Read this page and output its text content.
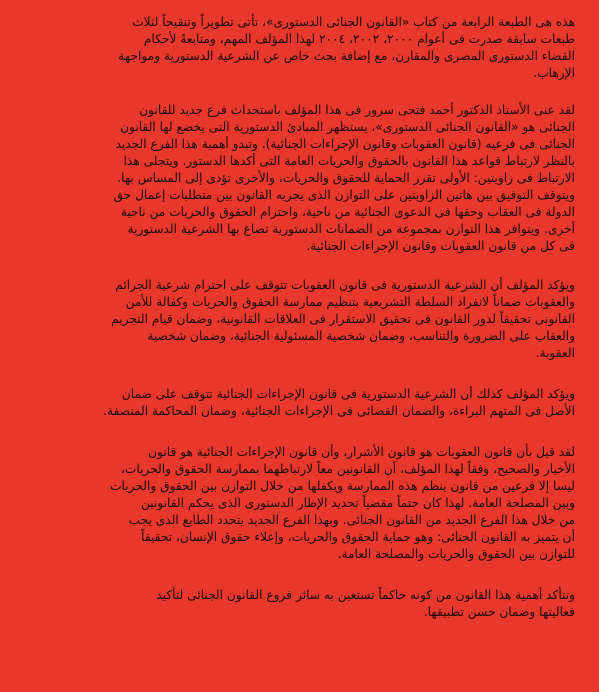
هذه هى الطبعة الرابعة من كتاب «القانون الجنائى الدستورى»، تأتى تطويراً وتنقيحاً لثلاث
طبعات سابقة صدرت فى أعوام ٢٠٠٠، ٢٠٠٢، ٢٠٠٤ لهذا المؤلف المهم، ومتابعةً لأحكام
القضاء الدستورى المصرى والمقارن، مع إضافة بحث خاص عن الشرعية الدستورية ومواجهة
الإرهاب.

لقد عنى الأستاذ الدكتور أحمد فتحى سرور فى هذا المؤلف باستحداث فرع جديد للقانون
الجنائى هو «القانون الجنائى الدستورى»، يستظهر المبادئ الدستورية التى يخضع لها القانون
الجنائى فى فرعيه (قانون العقوبات وقانون الإجراءات الجنائية). وتبدو أهمية هذا الفرع الجديد
بالنظر لارتباط قواعد هذا القانون بالحقوق والحريات العامة التى أكدها الدستور. ويتجلى هذا
الارتباط فى زاويتين: الأولى تقرر الحماية للحقوق والحريات، والأخرى تؤدى إلى المساس بها.
ويتوقف التوفيق بين هاتين الزاويتين على التوازن الذى يجريه القانون بين متطلبات إعمال حق
الدولة فى العقاب وحقها فى الدعوى الجنائية من ناحية، واحترام الحقوق والحريات من ناحية
أخرى. ويتوافر هذا التوازن بمجموعة من الضمانات الدستورية تصاغ بها الشرعية الدستورية
فى كل من قانون العقوبات وقانون الإجراءات الجنائية.

ويؤكد المؤلف أن الشرعية الدستورية فى قانون العقوبات تتوقف على احترام شرعية الجرائم
والعقوبات ضماناً لانفراد السلطة التشريعية بتنظيم ممارسة الحقوق والحريات وكفالة للأمن
القانونى تحقيقاً لدور القانون فى تحقيق الاستقرار فى العلاقات القانونية، وضمان قيام التجريم
والعقاب على الضرورة والتناسب، وضمان شخصية المسئولية الجنائية، وضمان شخصية
العقوبة.

ويؤكد المؤلف كذلك أن الشرعية الدستورية فى قانون الإجراءات الجنائية تتوقف على ضمان
الأصل فى المتهم البراءة، والضمان القضائى فى الإجراءات الجنائية، وضمان المحاكمة المنصفة.

لقد قيل بأن قانون العقوبات هو قانون الأشرار، وأن قانون الإجراءات الجنائية هو قانون
الأخيار والصحيح، وفقاً لهذا المؤلف، أن القانونين معاً لارتباطهما بممارسة الحقوق والحريات،
ليسا إلا فرعين من قانون ينظم هذه الممارسة ويكفلها من خلال التوازن بين الحقوق والحريات
وبين المصلحة العامة. لهذا كان حتماً مقضياً تحديد الإطار الدستورى الذى يحكم القانونين
من خلال هذا الفرع الجديد من القانون الجنائى. وبهذا الفرع الجديد يتحدد الطابع الذى يجب
أن يتميز به القانون الجنائى: وهو حماية الحقوق والحريات، وإعلاء حقوق الإنسان، تحقيقاً
للتوازن بين الحقوق والحريات والمصلحة العامة.

وتتأكد أهمية هذا القانون من كونه حاكماً تستعين به سائر فروع القانون الجنائى لتأكيد
فعاليتها وضمان حسن تطبيقها.
